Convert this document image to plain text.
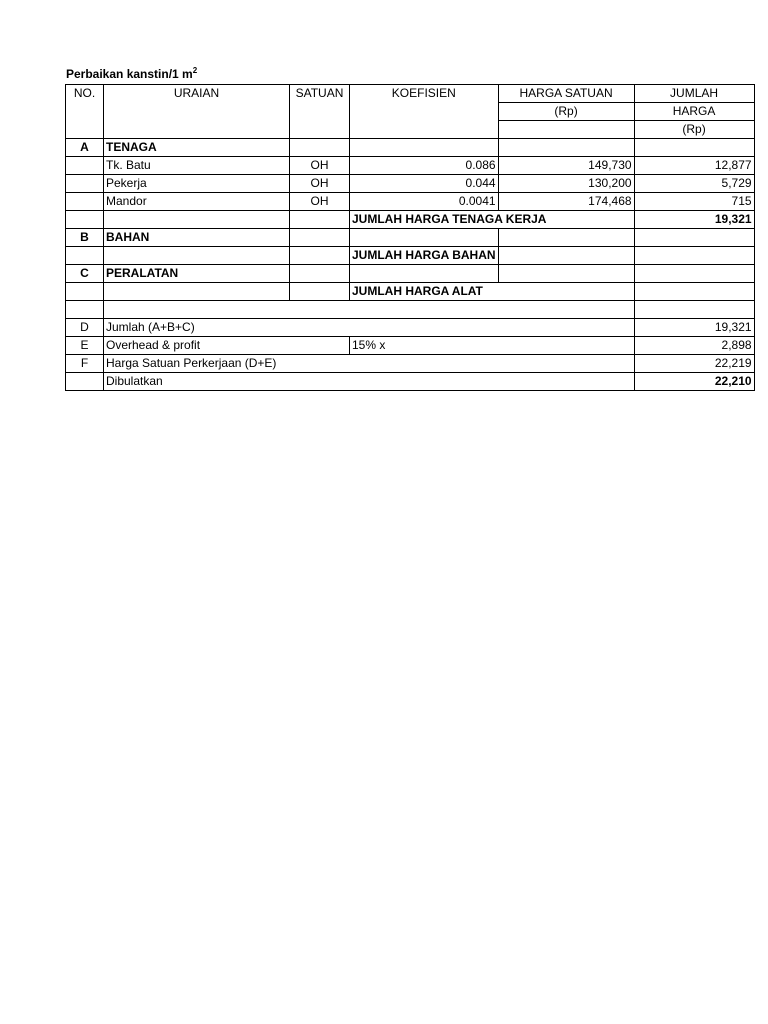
Perbaikan kanstin/1 $m^2$
NO.	URAIAN	SATUAN	KOEFISIEN	HARGA SATUAN	JUMLAH
				(Rp)	HARGA
					(Rp)
A	TENAGA				
	Tk. Batu	OH	0.086	149,730	12,877
	Pekerja	OH	0.044	130,200	5,729
	Mandor	OH	0.0041	174,468	715
			JUMLAH HARGA TENAGA KERJA		19,321
B	BAHAN				
			JUMLAH HARGA BAHAN		
C	PERALATAN				
			JUMLAH HARGA ALAT		

D	Jumlah (A+B+C)				19,321
E	Overhead & profit		15% x		2,898
F	Harga Satuan Perkerjaan (D+E)				22,219
	Dibulatkan				22,210
